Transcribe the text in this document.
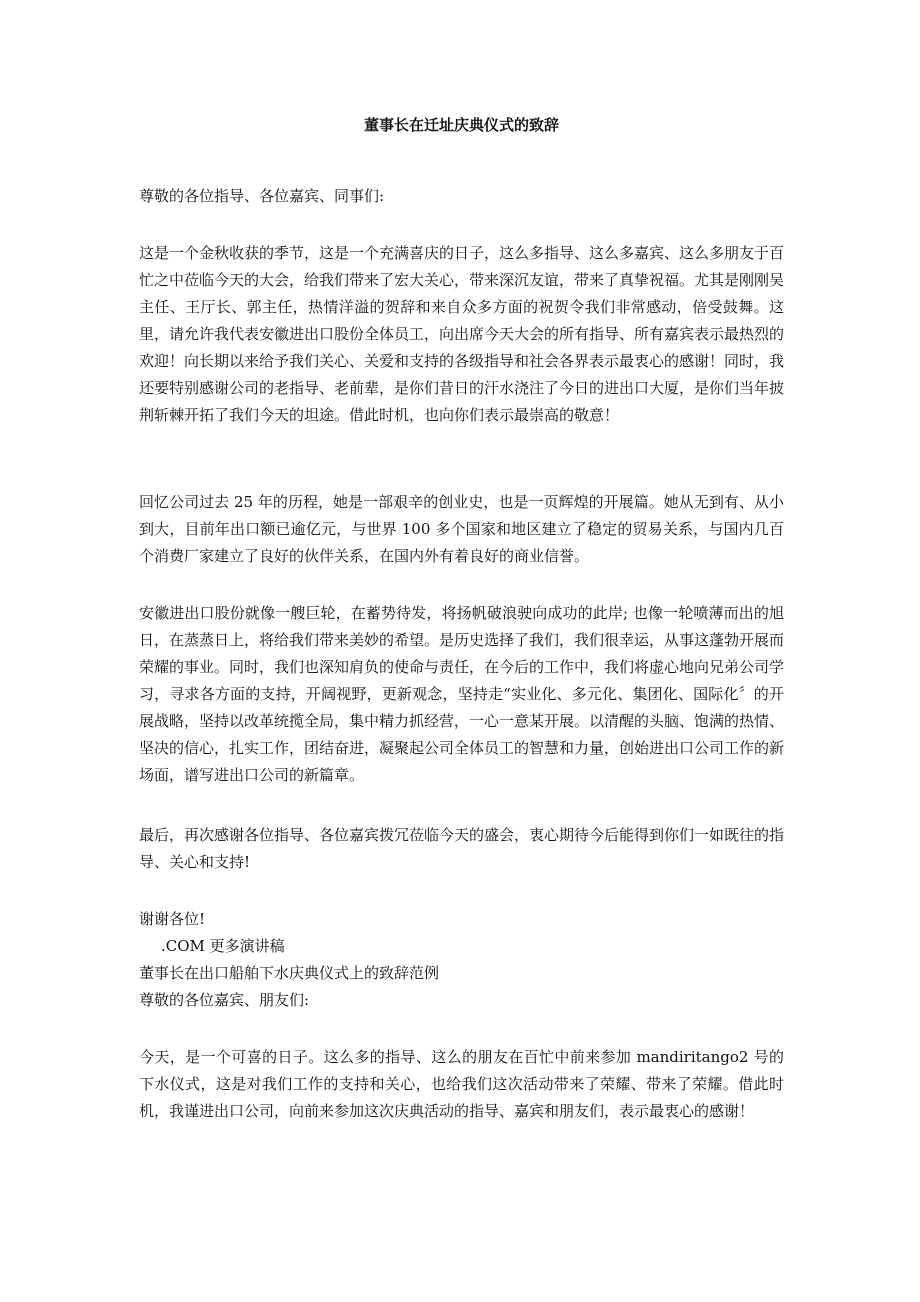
董事长在迁址庆典仪式的致辞

尊敬的各位指导、各位嘉宾、同事们:

这是一个金秋收获的季节，这是一个充满喜庆的日子，这么多指导、这么多嘉宾、这么多朋友于百忙之中莅临今天的大会，给我们带来了宏大关心，带来深沉友谊，带来了真挚祝福。尤其是刚刚吴主任、王厅长、郭主任，热情洋溢的贺辞和来自众多方面的祝贺令我们非常感动，倍受鼓舞。这里，请允许我代表安徽进出口股份全体员工，向出席今天大会的所有指导、所有嘉宾表示最热烈的欢迎！向长期以来给予我们关心、关爱和支持的各级指导和社会各界表示最衷心的感谢！同时，我还要特别感谢公司的老指导、老前辈，是你们昔日的汗水浇注了今日的进出口大厦，是你们当年披荆斩棘开拓了我们今天的坦途。借此时机，也向你们表示最崇高的敬意！

回忆公司过去 25 年的历程，她是一部艰辛的创业史，也是一页辉煌的开展篇。她从无到有、从小到大，目前年出口额已逾亿元，与世界 100 多个国家和地区建立了稳定的贸易关系，与国内几百个消费厂家建立了良好的伙伴关系，在国内外有着良好的商业信誉。

安徽进出口股份就像一艘巨轮，在蓄势待发，将扬帆破浪驶向成功的此岸; 也像一轮喷薄而出的旭日，在蒸蒸日上，将给我们带来美妙的希望。是历史选择了我们，我们很幸运，从事这蓬勃开展而荣耀的事业。同时，我们也深知肩负的使命与责任，在今后的工作中，我们将虚心地向兄弟公司学习，寻求各方面的支持，开阔视野，更新观念，坚持走“实业化、多元化、集团化、国际化〞的开展战略，坚持以改革统揽全局，集中精力抓经营，一心一意某开展。以清醒的头脑、饱满的热情、坚决的信心，扎实工作，团结奋进，凝聚起公司全体员工的智慧和力量，创始进出口公司工作的新场面，谱写进出口公司的新篇章。

最后，再次感谢各位指导、各位嘉宾拨冗莅临今天的盛会，衷心期待今后能得到你们一如既往的指导、关心和支持!

谢谢各位!

.COM 更多演讲稿

董事长在出口船舶下水庆典仪式上的致辞范例

尊敬的各位嘉宾、朋友们:

今天，是一个可喜的日子。这么多的指导、这么的朋友在百忙中前来参加 mandiritango2 号的下水仪式，这是对我们工作的支持和关心，也给我们这次活动带来了荣耀、带来了荣耀。借此时机，我谨进出口公司，向前来参加这次庆典活动的指导、嘉宾和朋友们，表示最衷心的感谢！
